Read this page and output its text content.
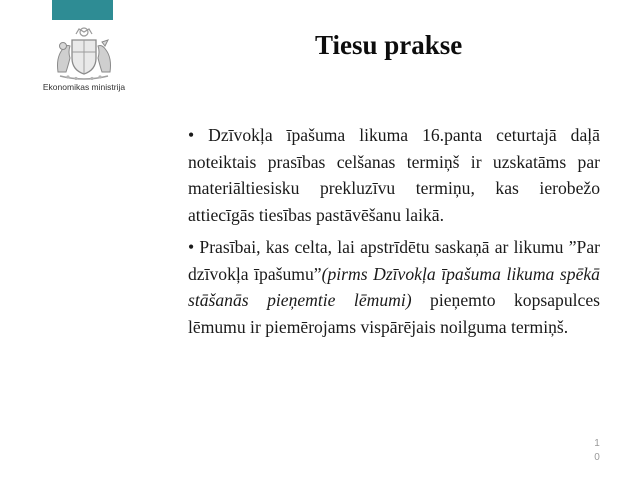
Ekonomikas ministrija
Tiesu prakse

• Dzīvokļa īpašuma likuma 16.panta ceturtajā daļā noteiktais prasības celšanas termiņš ir uzskatāms par materiāltiesisku prekluzīvu termiņu, kas ierobežo attiecīgās tiesības pastāvēšanu laikā.

• Prasībai, kas celta, lai apstrīdētu saskaņā ar likumu ”Par dzīvokļa īpašumu”(pirms Dzīvokļa īpašuma likuma spēkā stāšanās pieņemtie lēmumi) pieņemto kopsapulces lēmumu ir piemērojams vispārējais noilguma termiņš.

1
0
